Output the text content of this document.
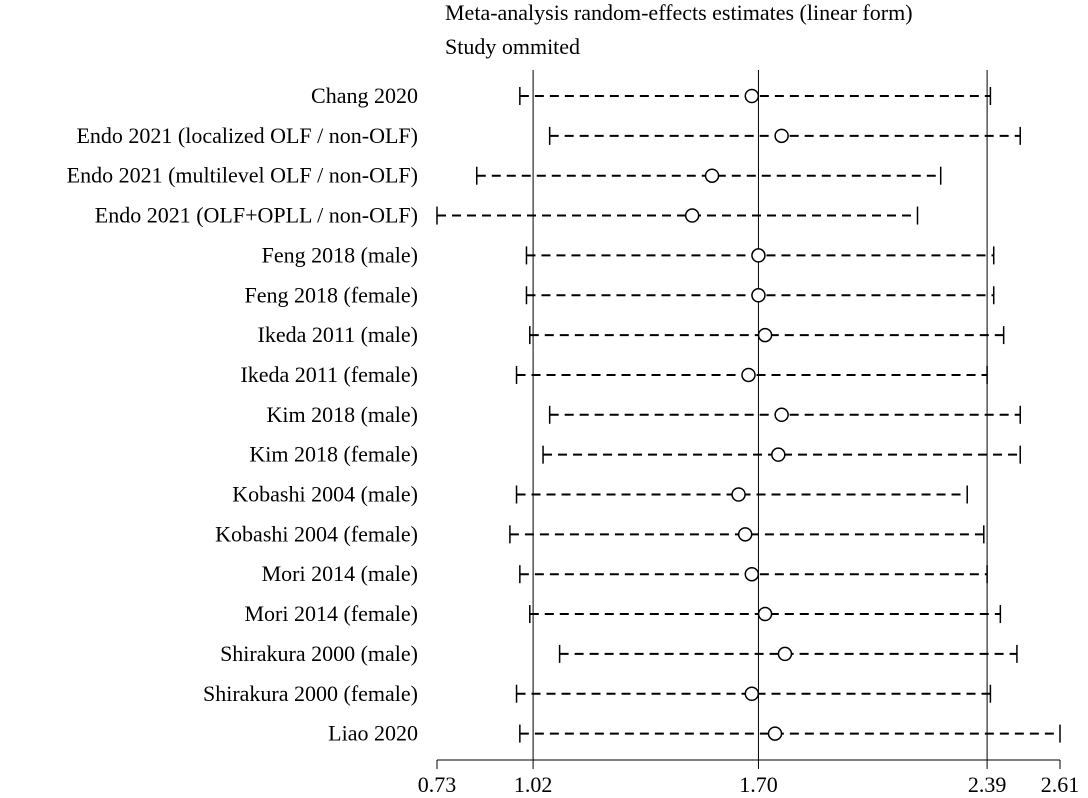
Meta-analysis random-effects estimates (linear form)
Study ommited
Chang 2020
Endo 2021 (localized OLF / non-OLF)
Endo 2021 (multilevel OLF / non-OLF)
Endo 2021 (OLF+OPLL / non-OLF)
Feng 2018 (male)
Feng 2018 (female)
Ikeda 2011 (male)
Ikeda 2011 (female)
Kim 2018 (male)
Kim 2018 (female)
Kobashi 2004 (male)
Kobashi 2004 (female)
Mori 2014 (male)
Mori 2014 (female)
Shirakura 2000 (male)
Shirakura 2000 (female)
Liao 2020
0.73	1.02	1.70	2.39 2.61
